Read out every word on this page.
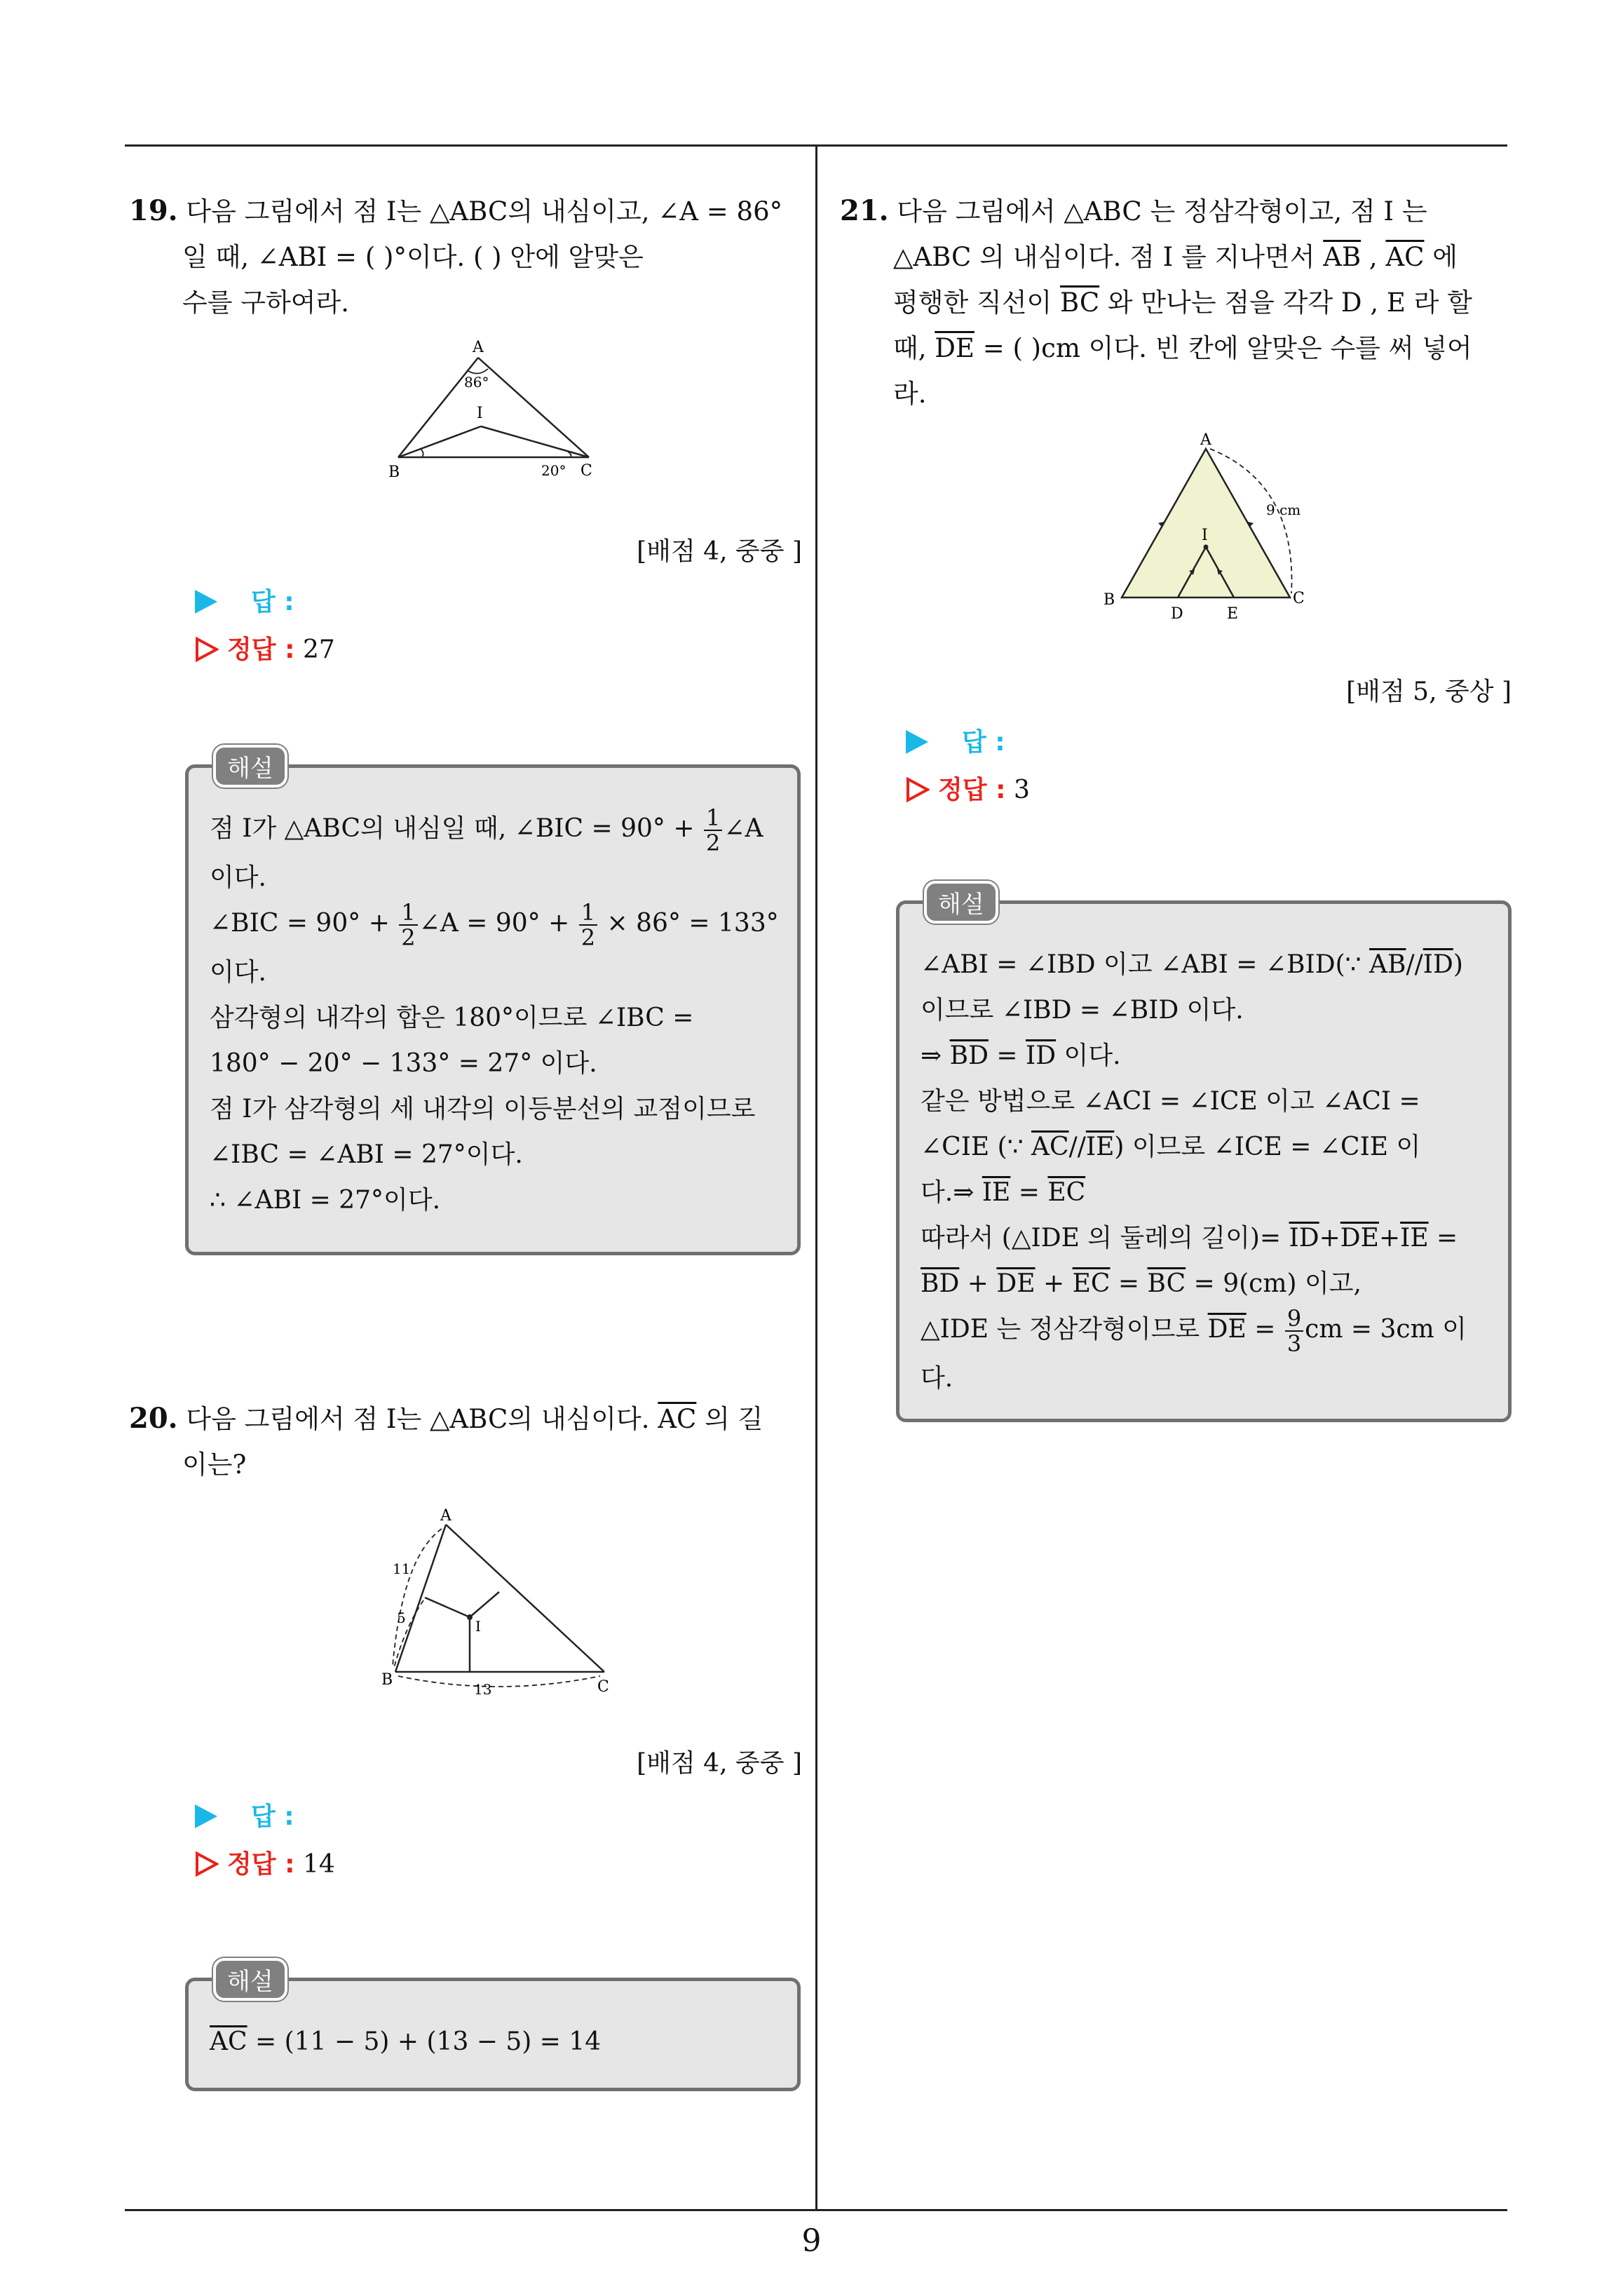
19. 다음 그림에서 점 I는 △ABC의 내심이고, ∠A = 86°
일 때, ∠ABI = ( )°이다. ( ) 안에 알맞은
수를 구하여라.
A
86°
I
B	20° C
[배점 4, 중중 ]
답 :
정답 : 27
점 I가 △ABC의 내심일 때, ∠BIC = $90^\circ + \frac{1}{2}$ ∠A
이다.
∠BIC = $90^\circ + \frac{1}{2}$ ∠A = $90^\circ + \frac{1}{2} \times 86^\circ = 133^\circ$
이다.
삼각형의 내각의 합은 180°이므로 ∠IBC =
180° − 20° − 133° = 27° 이다.
점 I가 삼각형의 세 내각의 이등분선의 교점이므로
∠IBC = ∠ABI = 27°이다.
∴ ∠ABI = 27°이다.
해설
20. 다음 그림에서 점 I는 △ABC의 내심이다. $\overline{AC}$ 의 길
이는?
A
11
5	I
B
13	C
[배점 4, 중중 ]
답 :
정답 : 14
$\overline{AC} = (11 - 5) + (13 - 5) = 14$
해설
21. 다음 그림에서 △ABC 는 정삼각형이고, 점 I 는
△ABC 의 내심이다. 점 I 를 지나면서 $\overline{AB}$ , $\overline{AC}$ 에
평행한 직선이 $\overline{BC}$ 와 만나는 점을 각각 D , E 라 할
때, $\overline{DE}$ = ( )cm 이다. 빈 칸에 알맞은 수를 써 넣어
라.
A
9 cm
I
B
D	E
C
[배점 5, 중상 ]
답 :
정답 : 3
∠ABI = ∠IBD 이고 ∠ABI = ∠BID(∵ $\overline{AB}//\overline{ID}$)
이므로 ∠IBD = ∠BID 이다.
⇒ $\overline{BD} = \overline{ID}$ 이다.
같은 방법으로 ∠ACI = ∠ICE 이고 ∠ACI =
∠CIE (∵ $\overline{AC}//\overline{IE}$) 이므로 ∠ICE = ∠CIE 이
다.⇒ $\overline{IE} = \overline{EC}$
따라서 (△IDE 의 둘레의 길이)= $\overline{ID}+\overline{DE}+\overline{IE}$ =
$\overline{BD} + \overline{DE} + \overline{EC} = \overline{BC} = 9(cm)$ 이고,
△IDE 는 정삼각형이므로 $\overline{DE} = \frac{9}{3}$ cm = 3cm 이
다.
해설
9
